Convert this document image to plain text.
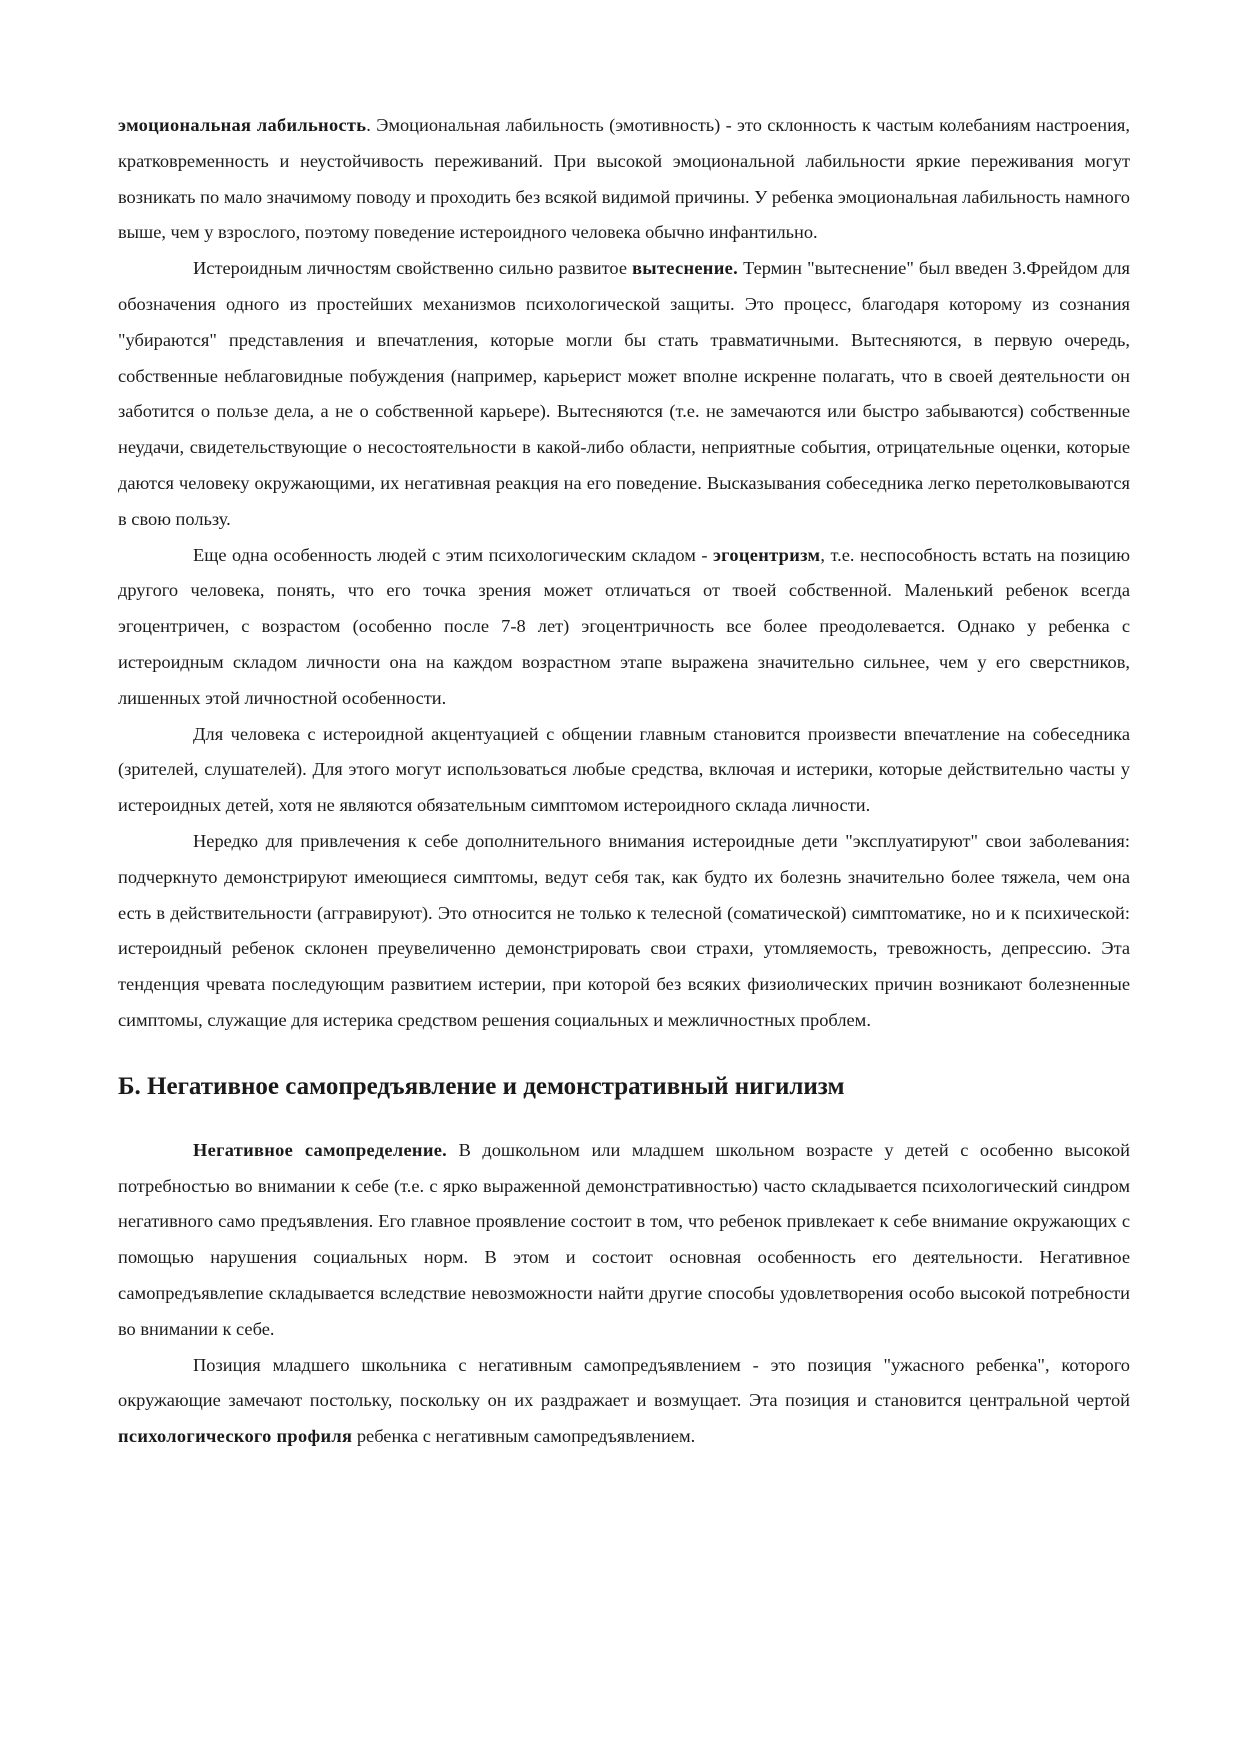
эмоциональная лабильность. Эмоциональная лабильность (эмотивность) - это склонность к частым колебаниям настроения, кратковременность и неустойчивость переживаний. При высокой эмоциональной лабильности яркие переживания могут возникать по мало значимому поводу и проходить без всякой видимой причины. У ребенка эмоциональная лабильность намного выше, чем у взрослого, поэтому поведение истероидного человека обычно инфантильно.

Истероидным личностям свойственно сильно развитое вытеснение. Термин "вытеснение" был введен 3.Фрейдом для обозначения одного из простейших механизмов психологической защиты. Это процесс, благодаря которому из сознания "убираются" представления и впечатления, которые могли бы стать травматичными. Вытесняются, в первую очередь, собственные неблаговидные побуждения (например, карьерист может вполне искренне полагать, что в своей деятельности он заботится о пользе дела, а не о собственной карьере). Вытесняются (т.е. не замечаются или быстро забываются) собственные неудачи, свидетельствующие о несостоятельности в какой-либо области, неприятные события, отрицательные оценки, которые даются человеку окружающими, их негативная реакция на его поведение. Высказывания собеседника легко перетолковываются в свою пользу.

Еще одна особенность людей с этим психологическим складом - эгоцентризм, т.е. неспособность встать на позицию другого человека, понять, что его точка зрения может отличаться от твоей собственной. Маленький ребенок всегда эгоцентричен, с возрастом (особенно после 7-8 лет) эгоцентричность все более преодолевается. Однако у ребенка с истероидным складом личности она на каждом возрастном этапе выражена значительно сильнее, чем у его сверстников, лишенных этой личностной особенности.

Для человека с истероидной акцентуацией с общении главным становится произвести впечатление на собеседника (зрителей, слушателей). Для этого могут использоваться любые средства, включая и истерики, которые действительно часты у истероидных детей, хотя не являются обязательным симптомом истероидного склада личности.

Нередко для привлечения к себе дополнительного внимания истероидные дети "эксплуатируют" свои заболевания: подчеркнуто демонстрируют имеющиеся симптомы, ведут себя так, как будто их болезнь значительно более тяжела, чем она есть в действительности (аггравируют). Это относится не только к телесной (соматической) симптоматике, но и к психической: истероидный ребенок склонен преувеличенно демонстрировать свои страхи, утомляемость, тревожность, депрессию. Эта тенденция чревата последующим развитием истерии, при которой без всяких физиолических причин возникают болезненные симптомы, служащие для истерика средством решения социальных и межличностных проблем.

Б. Негативное самопредъявление и демонстративный нигилизм

Негативное самопределение. В дошкольном или младшем школьном возрасте у детей с особенно высокой потребностью во внимании к себе (т.е. с ярко выраженной демонстративностью) часто складывается психологический синдром негативного само предъявления. Его главное проявление состоит в том, что ребенок привлекает к себе внимание окружающих с помощью нарушения социальных норм. В этом и состоит основная особенность его деятельности. Негативное самопредъявлепие складывается вследствие невозможности найти другие способы удовлетворения особо высокой потребности во внимании к себе.

Позиция младшего школьника с негативным самопредъявлением - это позиция "ужасного ребенка", которого окружающие замечают постольку, поскольку он их раздражает и возмущает. Эта позиция и становится центральной чертой психологического профиля ребенка с негативным самопредъявлением.
